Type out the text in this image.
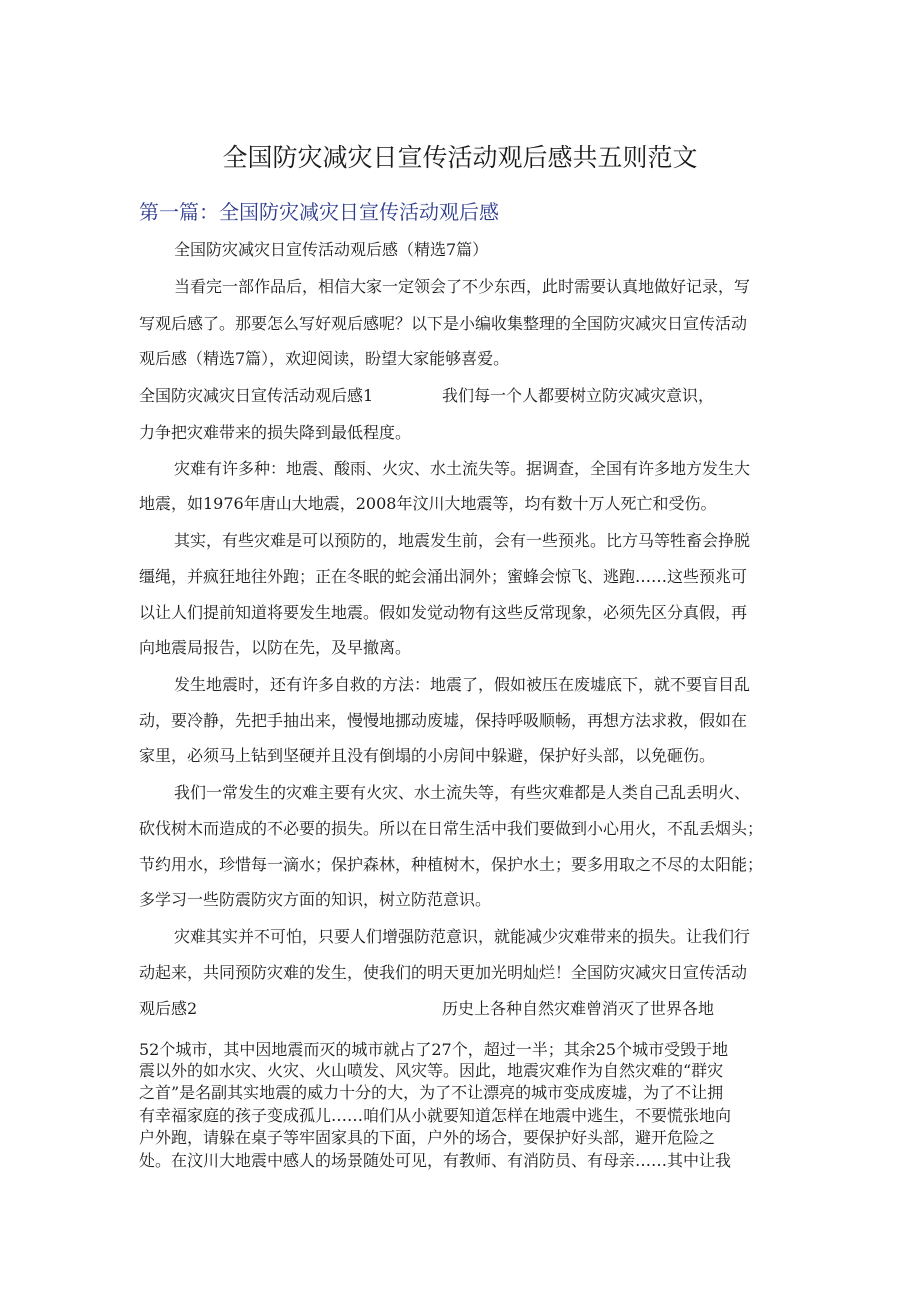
全国防灾减灾日宣传活动观后感共五则范文
第一篇：全国防灾减灾日宣传活动观后感
全国防灾减灾日宣传活动观后感（精选7篇）
当看完一部作品后，相信大家一定领会了不少东西，此时需要认真地做好记录，写
写观后感了。那要怎么写好观后感呢？以下是小编收集整理的全国防灾减灾日宣传活动
观后感（精选7篇），欢迎阅读，盼望大家能够喜爱。
全国防灾减灾日宣传活动观后感1	我们每一个人都要树立防灾减灾意识，
力争把灾难带来的损失降到最低程度。
灾难有许多种：地震、酸雨、火灾、水土流失等。据调查，全国有许多地方发生大
地震，如1976年唐山大地震，2008年汶川大地震等，均有数十万人死亡和受伤。
其实，有些灾难是可以预防的，地震发生前，会有一些预兆。比方马等牲畜会挣脱
缰绳，并疯狂地往外跑；正在冬眠的蛇会涌出洞外；蜜蜂会惊飞、逃跑……这些预兆可
以让人们提前知道将要发生地震。假如发觉动物有这些反常现象，必须先区分真假，再
向地震局报告，以防在先，及早撤离。
发生地震时，还有许多自救的方法：地震了，假如被压在废墟底下，就不要盲目乱
动，要冷静，先把手抽出来，慢慢地挪动废墟，保持呼吸顺畅，再想方法求救，假如在
家里，必须马上钻到坚硬并且没有倒塌的小房间中躲避，保护好头部，以免砸伤。
我们一常发生的灾难主要有火灾、水土流失等，有些灾难都是人类自己乱丢明火、
砍伐树木而造成的不必要的损失。所以在日常生活中我们要做到小心用火，不乱丢烟头；
节约用水，珍惜每一滴水；保护森林，种植树木，保护水土；要多用取之不尽的太阳能；
多学习一些防震防灾方面的知识，树立防范意识。
灾难其实并不可怕，只要人们增强防范意识，就能减少灾难带来的损失。让我们行
动起来，共同预防灾难的发生，使我们的明天更加光明灿烂！全国防灾减灾日宣传活动
观后感2	历史上各种自然灾难曾消灭了世界各地
52个城市，其中因地震而灭的城市就占了27个，超过一半；其余25个城市受毁于地
震以外的如水灾、火灾、火山喷发、风灾等。因此，地震灾难作为自然灾难的“群灾
之首”是名副其实地震的威力十分的大，为了不让漂亮的城市变成废墟，为了不让拥
有幸福家庭的孩子变成孤儿……咱们从小就要知道怎样在地震中逃生，不要慌张地向
户外跑，请躲在桌子等牢固家具的下面，户外的场合，要保护好头部，避开危险之
处。在汶川大地震中感人的场景随处可见，有教师、有消防员、有母亲……其中让我
